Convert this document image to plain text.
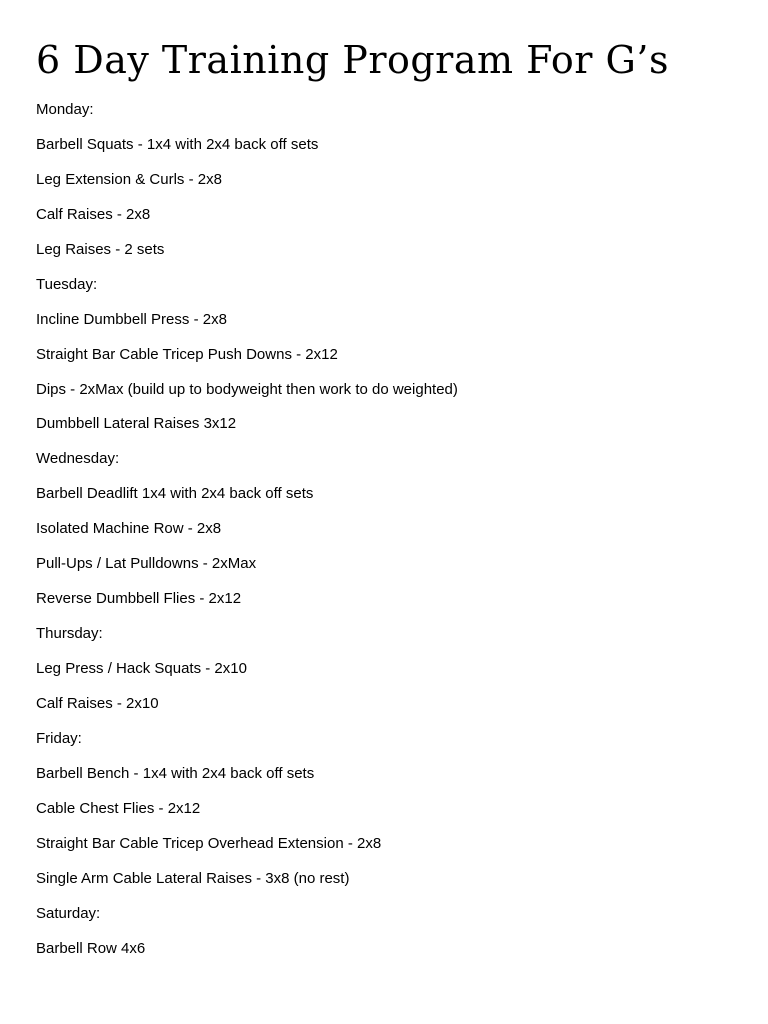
6 Day Training Program For G’s
Monday:
Barbell Squats - 1x4 with 2x4 back off sets
Leg Extension & Curls - 2x8
Calf Raises - 2x8
Leg Raises - 2 sets
Tuesday:
Incline Dumbbell Press - 2x8
Straight Bar Cable Tricep Push Downs - 2x12
Dips - 2xMax (build up to bodyweight then work to do weighted)
Dumbbell Lateral Raises 3x12
Wednesday:
Barbell Deadlift 1x4 with 2x4 back off sets
Isolated Machine Row - 2x8
Pull-Ups / Lat Pulldowns - 2xMax
Reverse Dumbbell Flies - 2x12
Thursday:
Leg Press / Hack Squats - 2x10
Calf Raises - 2x10
Friday:
Barbell Bench - 1x4 with 2x4 back off sets
Cable Chest Flies - 2x12
Straight Bar Cable Tricep Overhead Extension - 2x8
Single Arm Cable Lateral Raises - 3x8 (no rest)
Saturday:
Barbell Row 4x6
